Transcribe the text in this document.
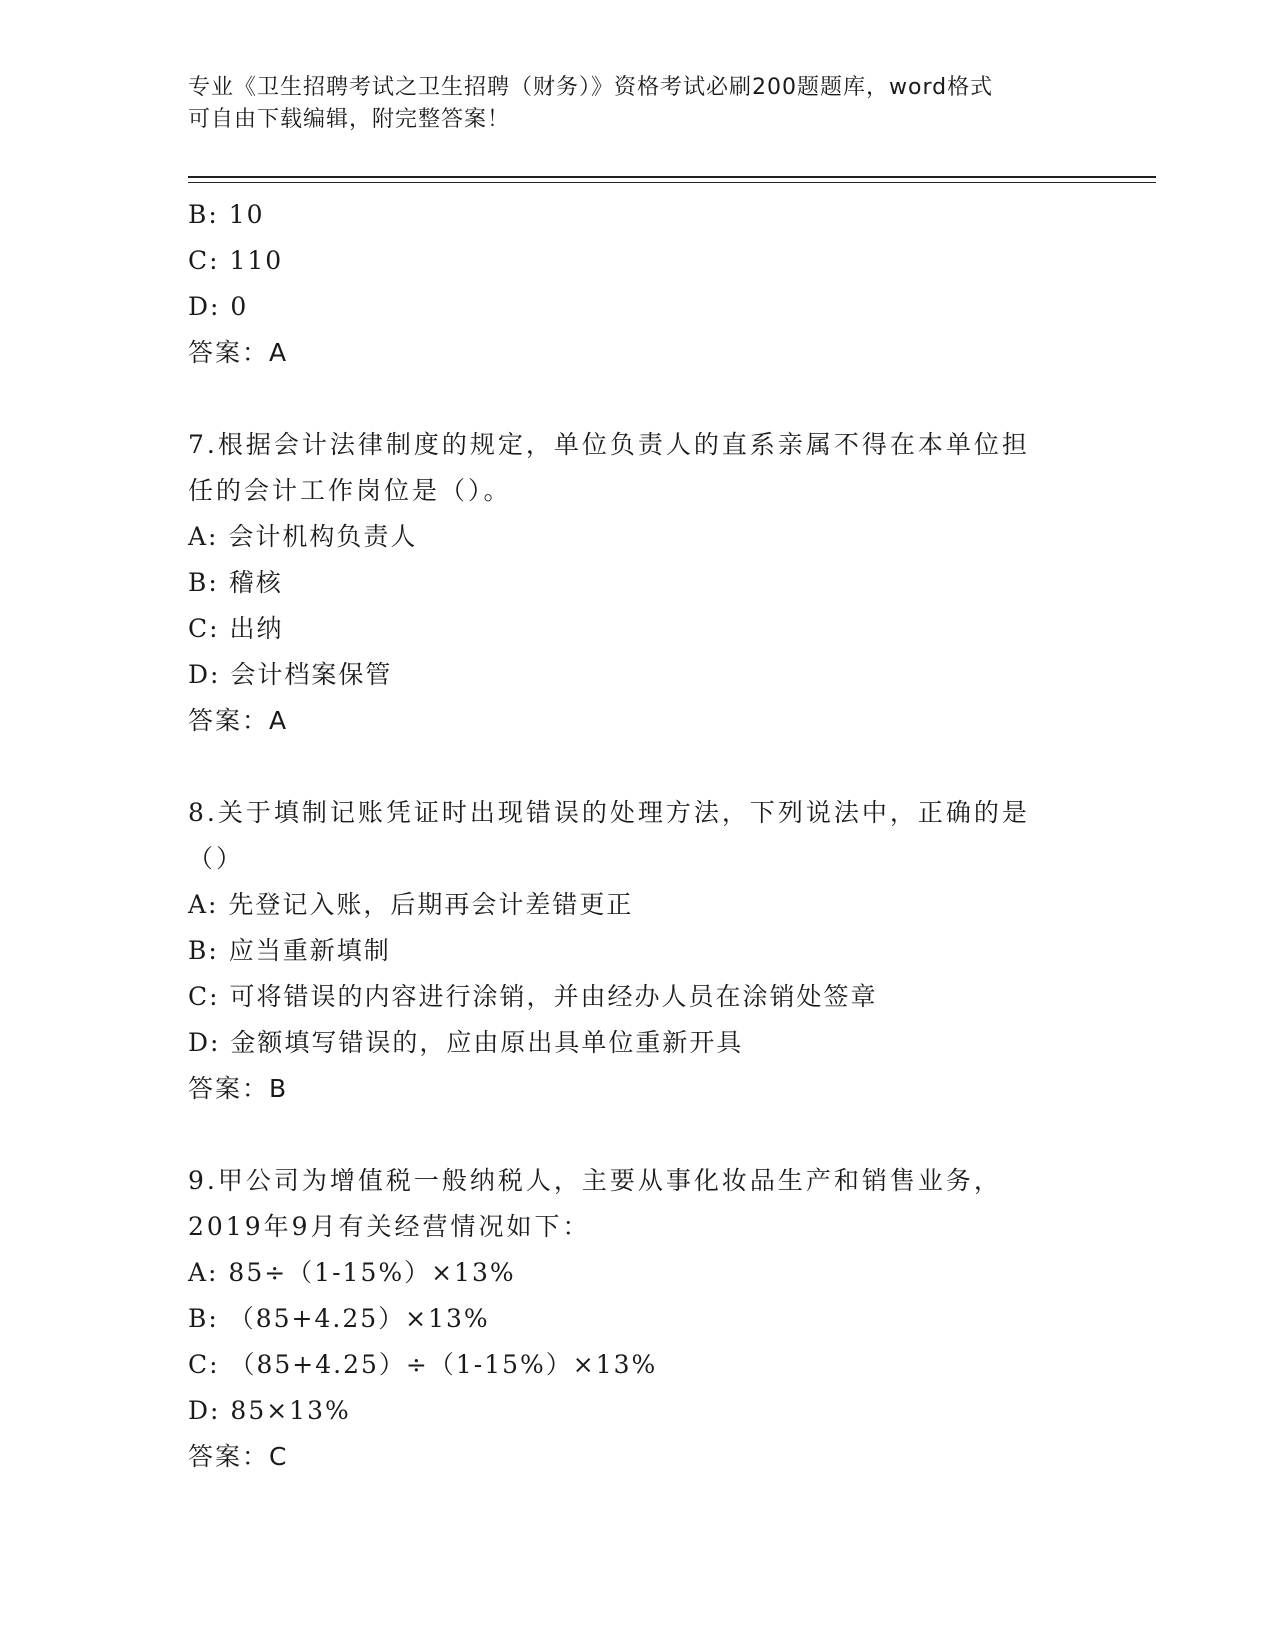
专业《卫生招聘考试之卫生招聘（财务）》资格考试必刷200题题库，word格式
可自由下载编辑，附完整答案！
B: 10
C: 110
D: 0
答案：A
7.根据会计法律制度的规定，单位负责人的直系亲属不得在本单位担
任的会计工作岗位是（）。
A: 会计机构负责人
B: 稽核
C: 出纳
D: 会计档案保管
答案：A
8.关于填制记账凭证时出现错误的处理方法，下列说法中，正确的是
（）
A: 先登记入账，后期再会计差错更正
B: 应当重新填制
C: 可将错误的内容进行涂销，并由经办人员在涂销处签章
D: 金额填写错误的，应由原出具单位重新开具
答案：B
9.甲公司为增值税一般纳税人，主要从事化妆品生产和销售业务，
2019年9月有关经营情况如下：
A: 85÷（1-15%）×13%
B: （85+4.25）×13%
C: （85+4.25）÷（1-15%）×13%
D: 85×13%
答案：C
